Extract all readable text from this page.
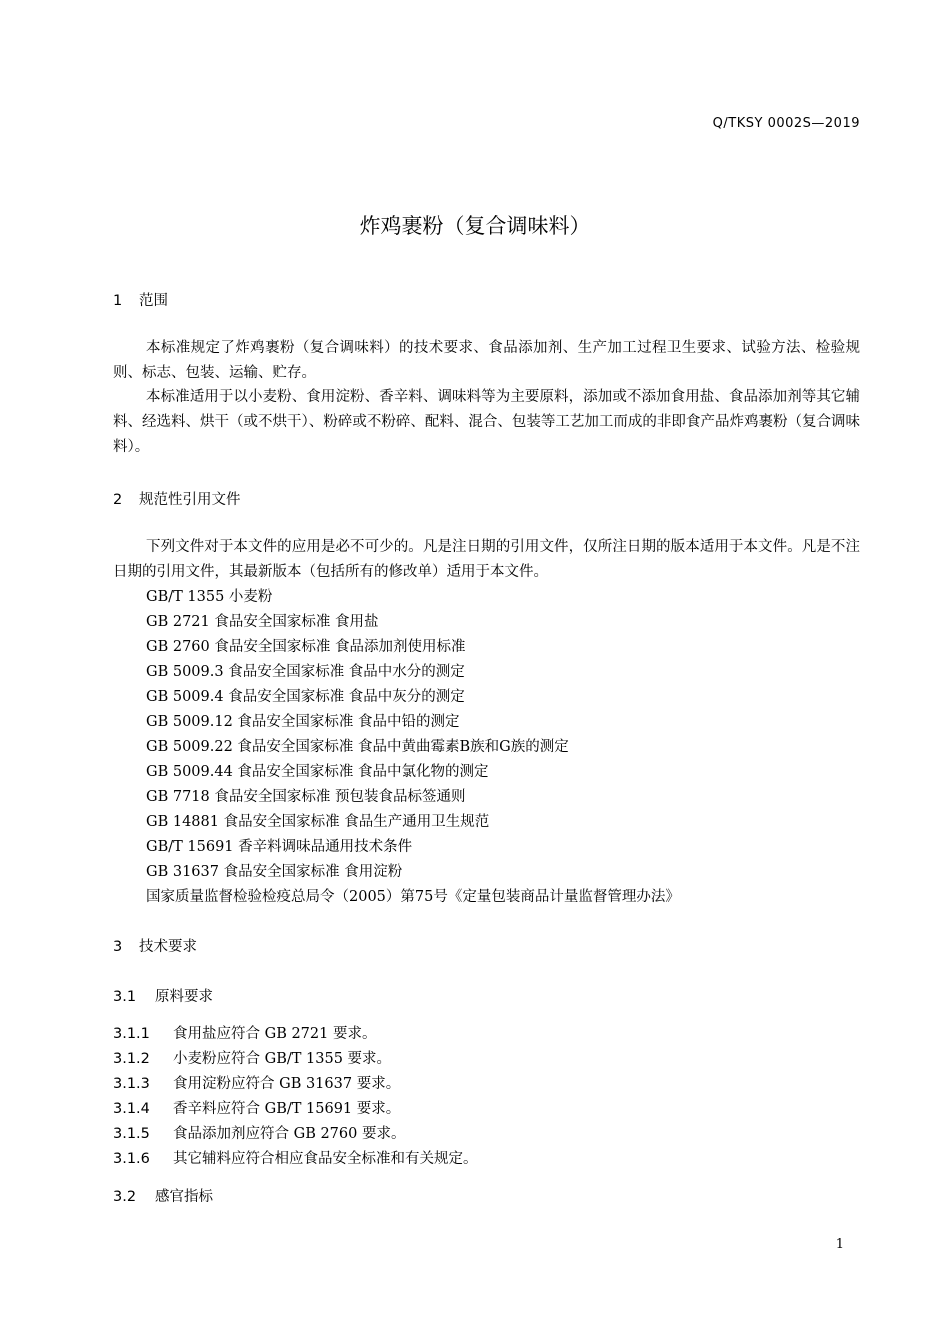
Q/TKSY 0002S—2019
炸鸡裹粉（复合调味料）
1 范围
本标准规定了炸鸡裹粉（复合调味料）的技术要求、食品添加剂、生产加工过程卫生要求、试验方法、检验规则、标志、包装、运输、贮存。
本标准适用于以小麦粉、食用淀粉、香辛料、调味料等为主要原料，添加或不添加食用盐、食品添加剂等其它辅料、经选料、烘干（或不烘干）、粉碎或不粉碎、配料、混合、包装等工艺加工而成的非即食产品炸鸡裹粉（复合调味料）。
2 规范性引用文件
下列文件对于本文件的应用是必不可少的。凡是注日期的引用文件，仅所注日期的版本适用于本文件。凡是不注日期的引用文件，其最新版本（包括所有的修改单）适用于本文件。
GB/T 1355 小麦粉
GB 2721 食品安全国家标准 食用盐
GB 2760 食品安全国家标准 食品添加剂使用标准
GB 5009.3 食品安全国家标准 食品中水分的测定
GB 5009.4 食品安全国家标准 食品中灰分的测定
GB 5009.12 食品安全国家标准 食品中铅的测定
GB 5009.22 食品安全国家标准 食品中黄曲霉素B族和G族的测定
GB 5009.44 食品安全国家标准 食品中氯化物的测定
GB 7718 食品安全国家标准 预包装食品标签通则
GB 14881 食品安全国家标准 食品生产通用卫生规范
GB/T 15691 香辛料调味品通用技术条件
GB 31637 食品安全国家标准 食用淀粉
国家质量监督检验检疫总局令（2005）第75号《定量包装商品计量监督管理办法》
3 技术要求
3.1 原料要求
3.1.1 食用盐应符合 GB 2721 要求。
3.1.2 小麦粉应符合 GB/T 1355 要求。
3.1.3 食用淀粉应符合 GB 31637 要求。
3.1.4 香辛料应符合 GB/T 15691 要求。
3.1.5 食品添加剂应符合 GB 2760 要求。
3.1.6 其它辅料应符合相应食品安全标准和有关规定。
3.2 感官指标
1
